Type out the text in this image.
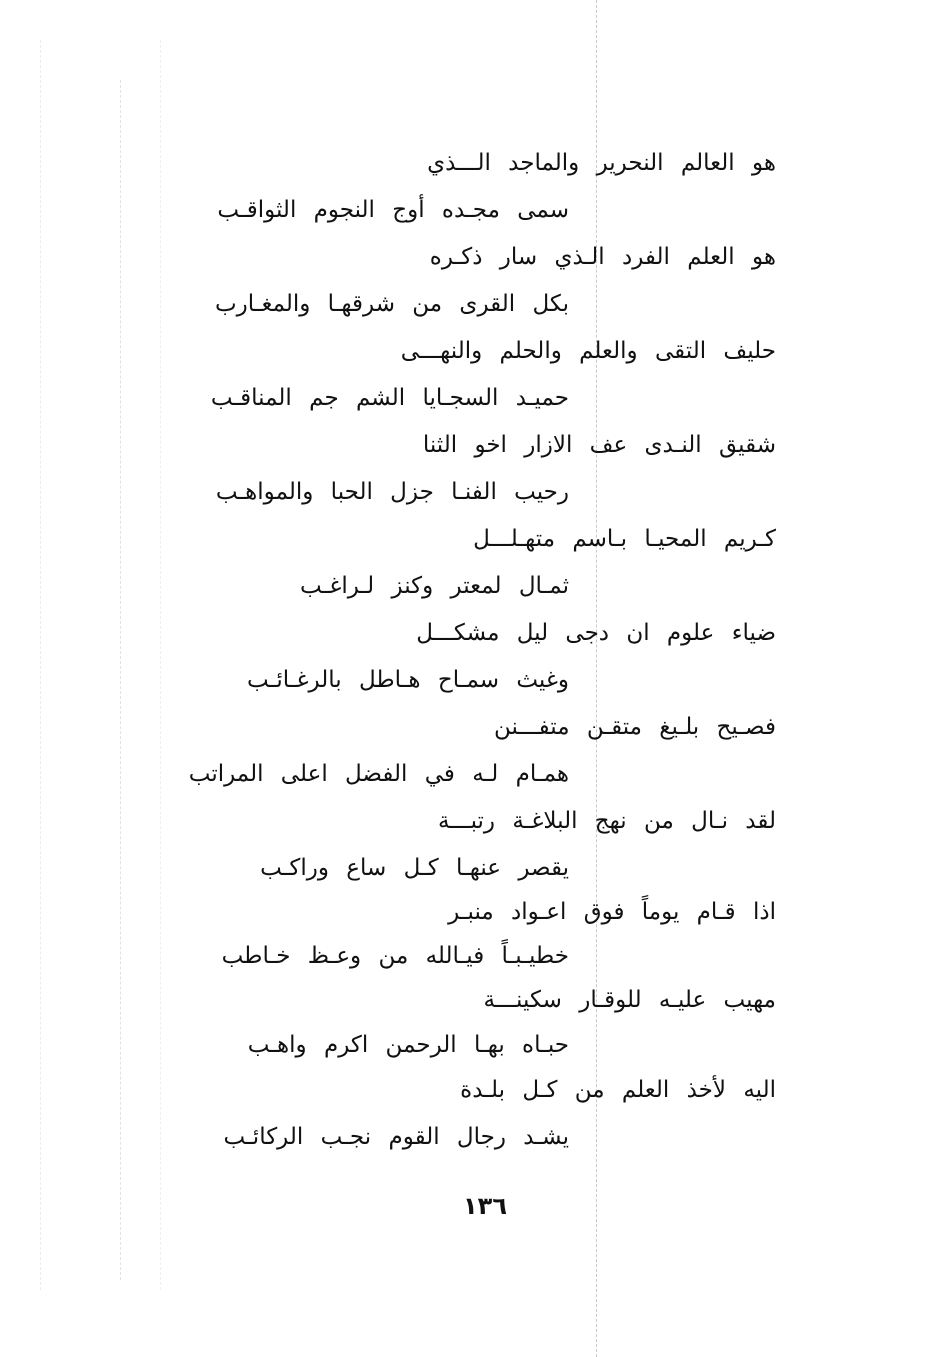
هو العالم النحرير والماجد الـــذي
سمى مجـده أوج النجوم الثواقـب
هو العلم الفرد الـذي سار ذكـره
بكل القرى من شرقهـا والمغـارب
حليف التقى والعلم والحلم والنهـــى
حميـد السجـايا الشم جم المناقـب
شقيق النـدى عف الازار اخو الثنا
رحيب الفنـا جزل الحبا والمواهـب
كـريم المحيـا بـاسم متهـلـــل
ثمـال لمعتر وكنز لـراغـب
ضياء علوم ان دجى ليل مشكـــل
وغيث سمـاح هـاطل بالرغـائـب
فصـيح بلـيغ متقـن متفـــنن
همـام لـه في الفضل اعلى المراتب
لقد نـال من نهج البلاغـة رتبـــة
يقصر عنهـا كـل ساع وراكـب
اذا قـام يوماً فوق اعـواد منبـر
خطيـبـاً فيـالله من وعـظ خـاطب
مهيب عليـه للوقـار سكينـــة
حبـاه بهـا الرحمن اكرم واهـب
اليه لأخذ العلم من كـل بلـدة
يشـد رجال القوم نجـب الركائـب
١٣٦
